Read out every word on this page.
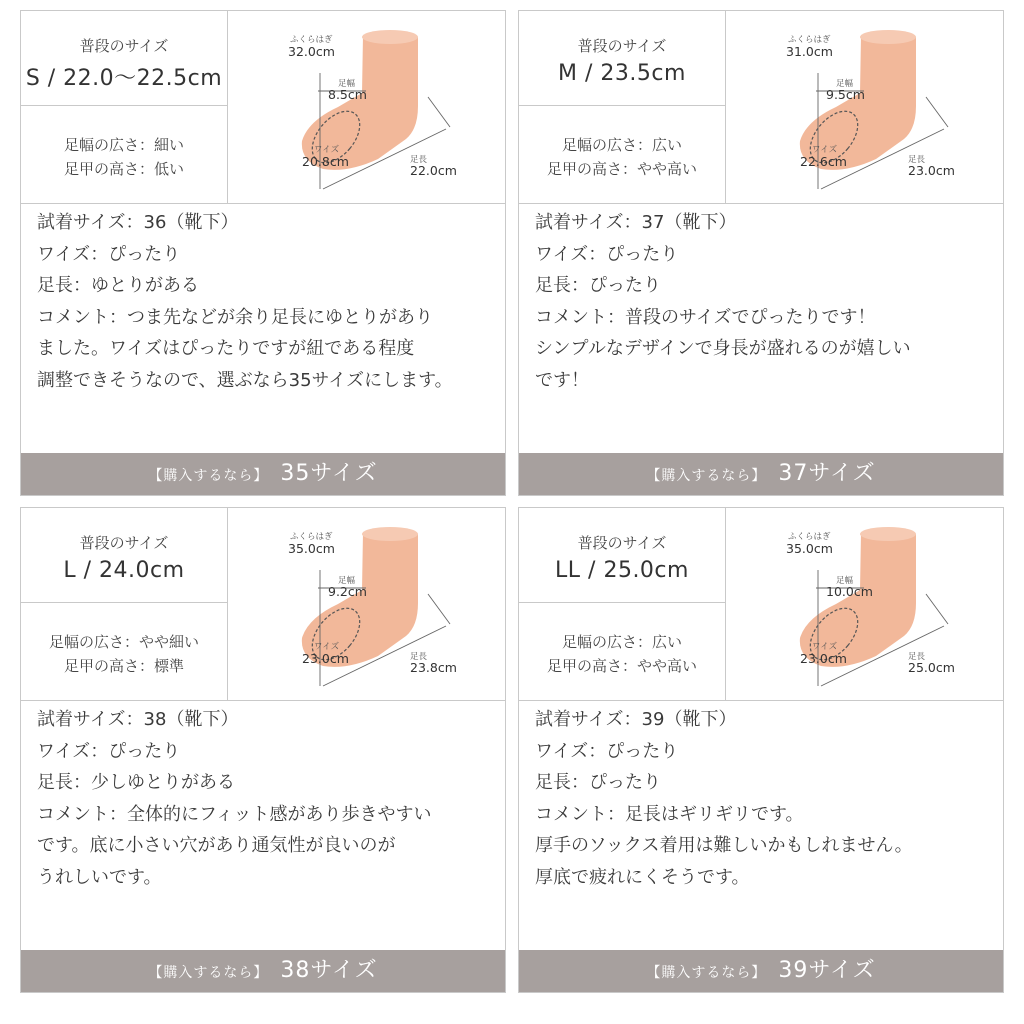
普段のサイズ
S / 22.0～22.5cm
足幅の広さ：細い
足甲の高さ：低い
ふくらはぎ
32.0cm
足幅
8.5cm
ワイズ
20.8cm	足長
22.0cm
試着サイズ：36（靴下）
ワイズ：ぴったり
足長：ゆとりがある
コメント：つま先などが余り足長にゆとりがあり
ました。ワイズはぴったりですが紐である程度
調整できそうなので、選ぶなら35サイズにします。
【購入するなら】 35サイズ
普段のサイズ
M / 23.5cm
足幅の広さ：広い
足甲の高さ：やや高い
ふくらはぎ
31.0cm
足幅
9.5cm
ワイズ
22.6cm	足長
23.0cm
試着サイズ：37（靴下）
ワイズ：ぴったり
足長：ぴったり
コメント：普段のサイズでぴったりです！
シンプルなデザインで身長が盛れるのが嬉しい
です！
【購入するなら】 37サイズ
普段のサイズ
L / 24.0cm
足幅の広さ：やや細い
足甲の高さ：標準
ふくらはぎ
35.0cm
足幅
9.2cm
ワイズ
23.0cm	足長
23.8cm
試着サイズ：38（靴下）
ワイズ：ぴったり
足長：少しゆとりがある
コメント：全体的にフィット感があり歩きやすい
です。底に小さい穴があり通気性が良いのが
うれしいです。
【購入するなら】 38サイズ
普段のサイズ
LL / 25.0cm
足幅の広さ：広い
足甲の高さ：やや高い
ふくらはぎ
35.0cm
足幅
10.0cm
ワイズ
23.0cm	足長
25.0cm
試着サイズ：39（靴下）
ワイズ：ぴったり
足長：ぴったり
コメント：足長はギリギリです。
厚手のソックス着用は難しいかもしれません。
厚底で疲れにくそうです。
【購入するなら】 39サイズ
